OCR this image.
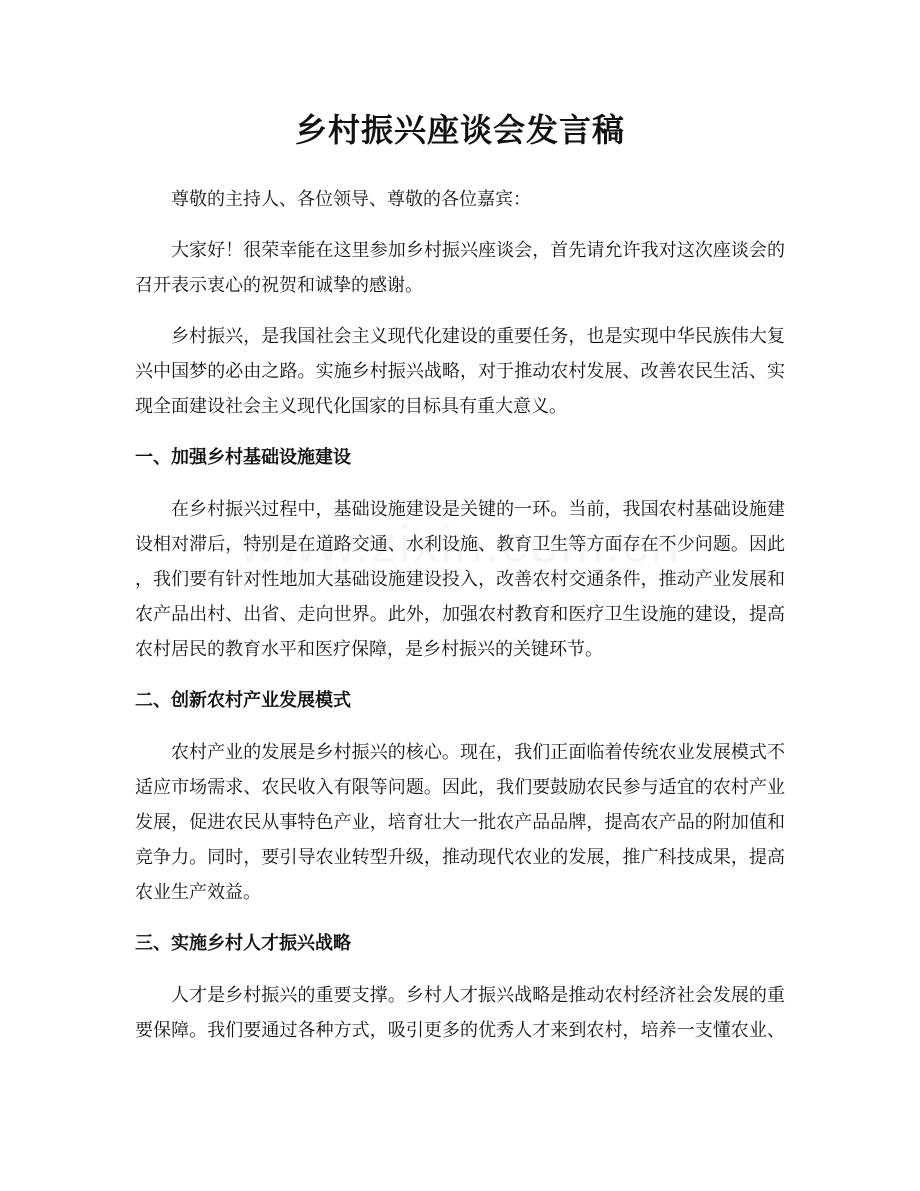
乡村振兴座谈会发言稿
尊敬的主持人、各位领导、尊敬的各位嘉宾：
大家好！很荣幸能在这里参加乡村振兴座谈会，首先请允许我对这次座谈会的
召开表示衷心的祝贺和诚挚的感谢。
乡村振兴，是我国社会主义现代化建设的重要任务，也是实现中华民族伟大复
兴中国梦的必由之路。实施乡村振兴战略，对于推动农村发展、改善农民生活、实
现全面建设社会主义现代化国家的目标具有重大意义。
一、加强乡村基础设施建设
在乡村振兴过程中，基础设施建设是关键的一环。当前，我国农村基础设施建
设相对滞后，特别是在道路交通、水利设施、教育卫生等方面存在不少问题。因此
，我们要有针对性地加大基础设施建设投入，改善农村交通条件，推动产业发展和
农产品出村、出省、走向世界。此外，加强农村教育和医疗卫生设施的建设，提高
农村居民的教育水平和医疗保障，是乡村振兴的关键环节。
二、创新农村产业发展模式
农村产业的发展是乡村振兴的核心。现在，我们正面临着传统农业发展模式不
适应市场需求、农民收入有限等问题。因此，我们要鼓励农民参与适宜的农村产业
发展，促进农民从事特色产业，培育壮大一批农产品品牌，提高农产品的附加值和
竞争力。同时，要引导农业转型升级，推动现代农业的发展，推广科技成果，提高
农业生产效益。
三、实施乡村人才振兴战略
人才是乡村振兴的重要支撑。乡村人才振兴战略是推动农村经济社会发展的重
要保障。我们要通过各种方式，吸引更多的优秀人才来到农村，培养一支懂农业、
